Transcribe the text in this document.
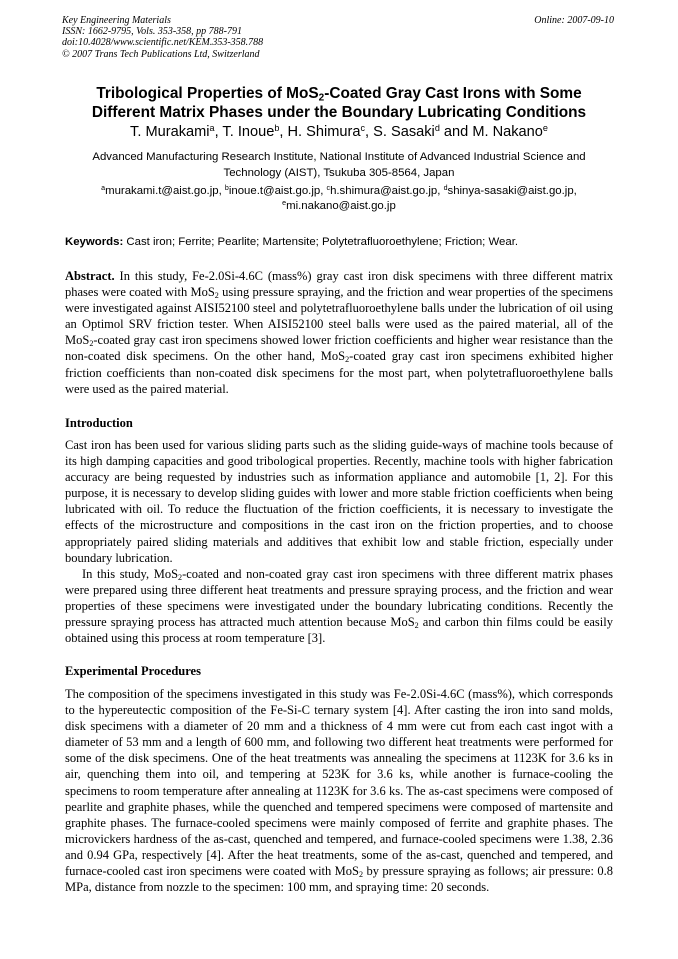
Key Engineering Materials
ISSN: 1662-9795, Vols. 353-358, pp 788-791
doi:10.4028/www.scientific.net/KEM.353-358.788
© 2007 Trans Tech Publications Ltd, Switzerland
Online: 2007-09-10
Tribological Properties of MoS$_2$-Coated Gray Cast Irons with Some
Different Matrix Phases under the Boundary Lubricating Conditions
T. Murakami$^a$, T. Inoue$^b$, H. Shimura$^c$, S. Sasaki$^d$ and M. Nakano$^e$
Advanced Manufacturing Research Institute, National Institute of Advanced Industrial Science and
Technology (AIST), Tsukuba 305-8564, Japan
$^a$murakami.t@aist.go.jp, $^b$inoue.t@aist.go.jp, $^c$h.shimura@aist.go.jp, $^d$shinya-sasaki@aist.go.jp,
$^e$mi.nakano@aist.go.jp
Keywords: Cast iron; Ferrite; Pearlite; Martensite; Polytetrafluoroethylene; Friction; Wear.

Abstract. In this study, Fe-2.0Si-4.6C (mass%) gray cast iron disk specimens with three different matrix phases were coated with MoS$_2$ using pressure spraying, and the friction and wear properties of the specimens were investigated against AISI52100 steel and polytetrafluoroethylene balls under the lubrication of oil using an Optimol SRV friction tester. When AISI52100 steel balls were used as the paired material, all of the MoS$_2$-coated gray cast iron specimens showed lower friction coefficients and higher wear resistance than the non-coated disk specimens. On the other hand, MoS$_2$-coated gray cast iron specimens exhibited higher friction coefficients than non-coated disk specimens for the most part, when polytetrafluoroethylene balls were used as the paired material.

Introduction

Cast iron has been used for various sliding parts such as the sliding guide-ways of machine tools because of its high damping capacities and good tribological properties. Recently, machine tools with higher fabrication accuracy are being requested by industries such as information appliance and automobile [1, 2]. For this purpose, it is necessary to develop sliding guides with lower and more stable friction coefficients when being lubricated with oil. To reduce the fluctuation of the friction coefficients, it is necessary to investigate the effects of the microstructure and compositions in the cast iron on the friction properties, and to choose appropriately paired sliding materials and additives that exhibit low and stable friction, especially under boundary lubrication.

In this study, MoS$_2$-coated and non-coated gray cast iron specimens with three different matrix phases were prepared using three different heat treatments and pressure spraying process, and the friction and wear properties of these specimens were investigated under the boundary lubricating conditions. Recently the pressure spraying process has attracted much attention because MoS$_2$ and carbon thin films could be easily obtained using this process at room temperature [3].

Experimental Procedures

The composition of the specimens investigated in this study was Fe-2.0Si-4.6C (mass%), which corresponds to the hypereutectic composition of the Fe-Si-C ternary system [4]. After casting the iron into sand molds, disk specimens with a diameter of 20 mm and a thickness of 4 mm were cut from each cast ingot with a diameter of 53 mm and a length of 600 mm, and following two different heat treatments were performed for some of the disk specimens. One of the heat treatments was annealing the specimens at 1123K for 3.6 ks in air, quenching them into oil, and tempering at 523K for 3.6 ks, while another is furnace-cooling the specimens to room temperature after annealing at 1123K for 3.6 ks. The as-cast specimens were composed of pearlite and graphite phases, while the quenched and tempered specimens were composed of martensite and graphite phases. The furnace-cooled specimens were mainly composed of ferrite and graphite phases. The microvickers hardness of the as-cast, quenched and tempered, and furnace-cooled specimens were 1.38, 2.36 and 0.94 GPa, respectively [4]. After the heat treatments, some of the as-cast, quenched and tempered, and furnace-cooled cast iron specimens were coated with MoS$_2$ by pressure spraying as follows; air pressure: 0.8 MPa, distance from nozzle to the specimen: 100 mm, and spraying time: 20 seconds.
